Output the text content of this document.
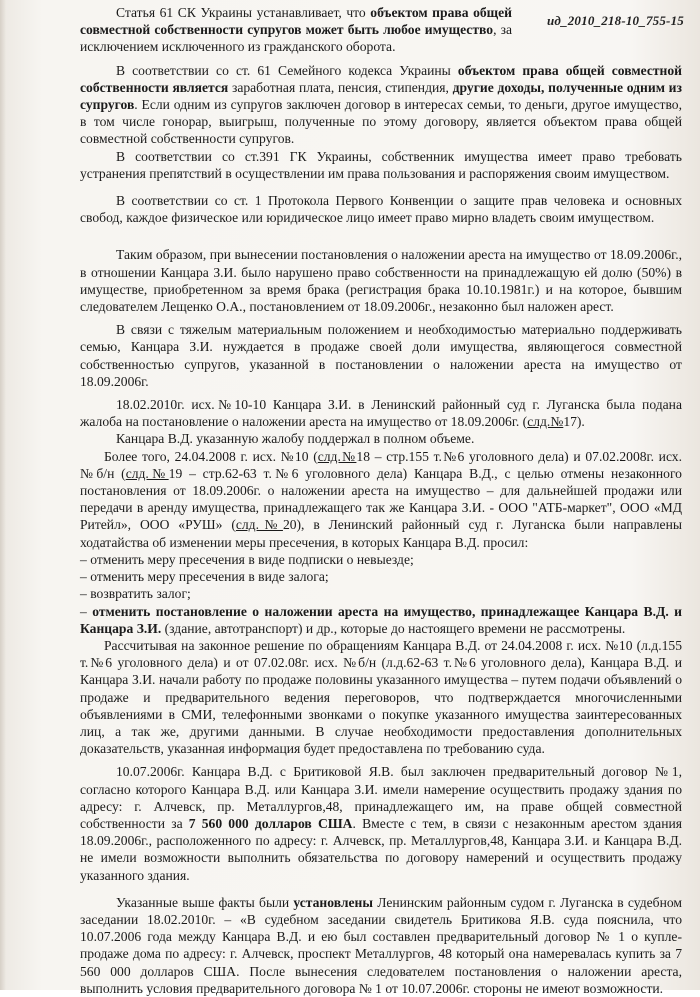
ид_2010_218-10_755-15

Статья 61 СК Украины устанавливает, что объектом права общей совместной собственности супругов может быть любое имущество, за исключением исключенного из гражданского оборота.

В соответствии со ст. 61 Семейного кодекса Украины объектом права общей совместной собственности является заработная плата, пенсия, стипендия, другие доходы, полученные одним из супругов. Если одним из супругов заключен договор в интересах семьи, то деньги, другое имущество, в том числе гонорар, выигрыш, полученные по этому договору, является объектом права общей совместной собственности супругов.

В соответствии со ст.391 ГК Украины, собственник имущества имеет право требовать устранения препятствий в осуществлении им права пользования и распоряжения своим имуществом.

В соответствии со ст. 1 Протокола Первого Конвенции о защите прав человека и основных свобод, каждое физическое или юридическое лицо имеет право мирно владеть своим имуществом.

Таким образом, при вынесении постановления о наложении ареста на имущество от 18.09.2006г., в отношении Канцара З.И. было нарушено право собственности на принадлежащую ей долю (50%) в имуществе, приобретенном за время брака (регистрация брака 10.10.1981г.) и на которое, бывшим следователем Лещенко О.А., постановлением от 18.09.2006г., незаконно был наложен арест.

В связи с тяжелым материальным положением и необходимостью материально поддерживать семью, Канцара З.И. нуждается в продаже своей доли имущества, являющегося совместной собственностью супругов, указанной в постановлении о наложении ареста на имущество от 18.09.2006г.

18.02.2010г. исх.№10-10 Канцара З.И. в Ленинский районный суд г. Луганска была подана жалоба на постановление о наложении ареста на имущество от 18.09.2006г. (слд.№17).

Канцара В.Д. указанную жалобу поддержал в полном объеме.

Более того, 24.04.2008 г. исх. №10 (слд.№18 – стр.155 т.№6 уголовного дела) и 07.02.2008г. исх. №б/н (слд.№19 – стр.62-63 т.№6 уголовного дела) Канцара В.Д., с целью отмены незаконного постановления от 18.09.2006г. о наложении ареста на имущество – для дальнейшей продажи или передачи в аренду имущества, принадлежащего так же Канцара З.И. - ООО "АТБ-маркет", ООО «МД Ритейл», ООО «РУШ» (слд.№20), в Ленинский районный суд г. Луганска были направлены ходатайства об изменении меры пресечения, в которых Канцара В.Д. просил:

– отменить меру пресечения в виде подписки о невыезде;

– отменить меру пресечения в виде залога;

– возвратить залог;

– отменить постановление о наложении ареста на имущество, принадлежащее Канцара В.Д. и Канцара З.И. (здание, автотранспорт) и др., которые до настоящего времени не рассмотрены.

Рассчитывая на законное решение по обращениям Канцара В.Д. от 24.04.2008 г. исх. №10 (л.д.155 т.№6 уголовного дела) и от 07.02.08г. исх. №б/н (л.д.62-63 т.№6 уголовного дела), Канцара В.Д. и Канцара З.И. начали работу по продаже половины указанного имущества – путем подачи объявлений о продаже и предварительного ведения переговоров, что подтверждается многочисленными объявлениями в СМИ, телефонными звонками о покупке указанного имущества заинтересованных лиц, а так же, другими данными. В случае необходимости предоставления дополнительных доказательств, указанная информация будет предоставлена по требованию суда.

10.07.2006г. Канцара В.Д. с Бритиковой Я.В. был заключен предварительный договор №1, согласно которого Канцара В.Д. или Канцара З.И. имели намерение осуществить продажу здания по адресу: г. Алчевск, пр. Металлургов,48, принадлежащего им, на праве общей совместной собственности за 7 560 000 долларов США. Вместе с тем, в связи с незаконным арестом здания 18.09.2006г., расположенного по адресу: г. Алчевск, пр. Металлургов,48, Канцара З.И. и Канцара В.Д. не имели возможности выполнить обязательства по договору намерений и осуществить продажу указанного здания.

Указанные выше факты были установлены Ленинским районным судом г. Луганска в судебном заседании 18.02.2010г. – «В судебном заседании свидетель Бритикова Я.В. суда пояснила, что 10.07.2006 года между Канцара В.Д. и ею был составлен предварительный договор № 1 о купле-продаже дома по адресу: г. Алчевск, проспект Металлургов, 48 который она намеревалась купить за 7 560 000 долларов США. После вынесения следователем постановления о наложении ареста, выполнить условия предварительного договора № 1 от 10.07.2006г. стороны не имеют возможности.
